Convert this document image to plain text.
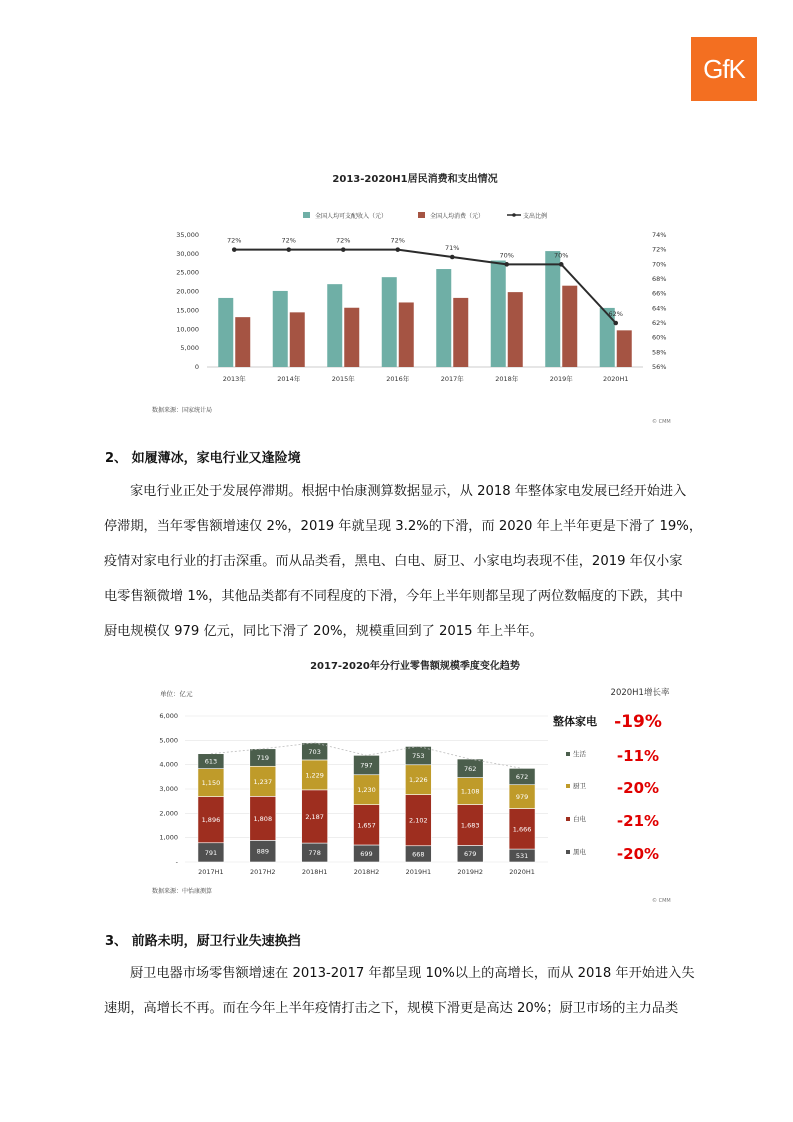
GfK
2013-2020H1居民消费和支出情况
全国人均可支配收入（元）	全国人均消费（元）	支出比例
35,000
30,000
25,000
20,000
15,000
10,000
5,000
0
74%
72%
70%
68%
66%
64%
62%
60%
58%
56%
2013年	2014年	2015年	2016年	2017年	2018年	2019年	2020H1
72%	72%	72%	72%
71%
70%	70%
62%
数据来源：国家统计局
© CMM
2、 如履薄冰，家电行业又逢险境
家电行业正处于发展停滞期。根据中怡康测算数据显示，从 2018 年整体家电发展已经开始进入
停滞期，当年零售额增速仅 2%，2019 年就呈现 3.2%的下滑，而 2020 年上半年更是下滑了 19%，
疫情对家电行业的打击深重。而从品类看，黑电、白电、厨卫、小家电均表现不佳，2019 年仅小家
电零售额微增 1%，其他品类都有不同程度的下滑，今年上半年则都呈现了两位数幅度的下跌，其中
厨电规模仅 979 亿元，同比下滑了 20%，规模重回到了 2015 年上半年。
2017-2020年分行业零售额规模季度变化趋势
单位：亿元
6,000
5,000
4,000
3,000
2,000
1,000
-
791
1,896
1,150
613
2017H1
889
1,808
1,237
719
2017H2
778
2,187
1,229
703
2018H1
699
1,657
1,230
797
2018H2
668
2,102
1,226
753
2019H1
679
1,683
1,108
762
2019H2
531
1,666
979
672
2020H1
2020H1增长率
整体家电 -19%
生活 -11%
厨卫 -20%
白电 -21%
黑电 -20%
数据来源：中怡康测算
© CMM
3、 前路未明，厨卫行业失速换挡
厨卫电器市场零售额增速在 2013-2017 年都呈现 10%以上的高增长，而从 2018 年开始进入失
速期，高增长不再。而在今年上半年疫情打击之下，规模下滑更是高达 20%；厨卫市场的主力品类
